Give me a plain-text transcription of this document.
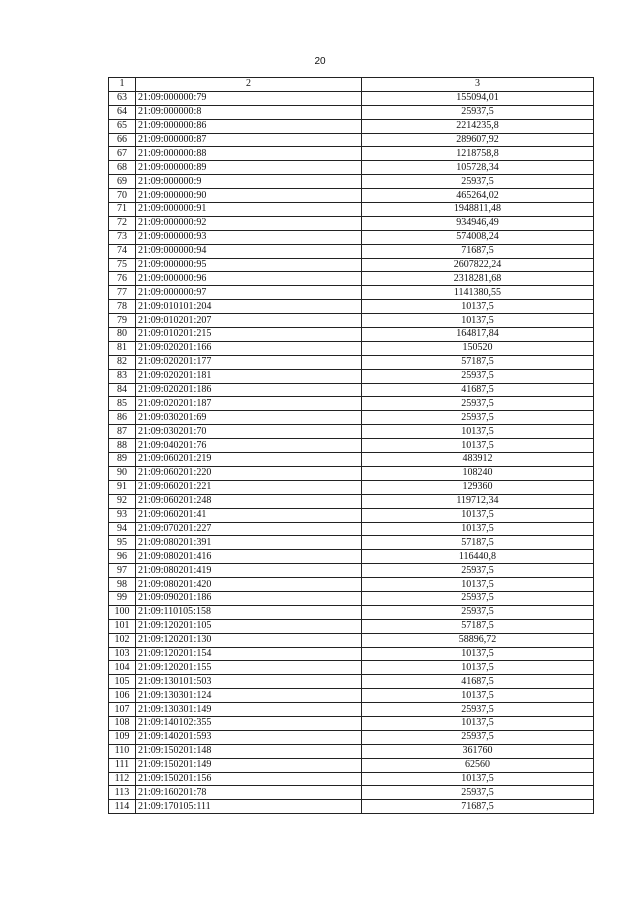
20
1	2	3
63	21:09:000000:79	155094,01
64	21:09:000000:8	25937,5
65	21:09:000000:86	2214235,8
66	21:09:000000:87	289607,92
67	21:09:000000:88	1218758,8
68	21:09:000000:89	105728,34
69	21:09:000000:9	25937,5
70	21:09:000000:90	465264,02
71	21:09:000000:91	1948811,48
72	21:09:000000:92	934946,49
73	21:09:000000:93	574008,24
74	21:09:000000:94	71687,5
75	21:09:000000:95	2607822,24
76	21:09:000000:96	2318281,68
77	21:09:000000:97	1141380,55
78	21:09:010101:204	10137,5
79	21:09:010201:207	10137,5
80	21:09:010201:215	164817,84
81	21:09:020201:166	150520
82	21:09:020201:177	57187,5
83	21:09:020201:181	25937,5
84	21:09:020201:186	41687,5
85	21:09:020201:187	25937,5
86	21:09:030201:69	25937,5
87	21:09:030201:70	10137,5
88	21:09:040201:76	10137,5
89	21:09:060201:219	483912
90	21:09:060201:220	108240
91	21:09:060201:221	129360
92	21:09:060201:248	119712,34
93	21:09:060201:41	10137,5
94	21:09:070201:227	10137,5
95	21:09:080201:391	57187,5
96	21:09:080201:416	116440,8
97	21:09:080201:419	25937,5
98	21:09:080201:420	10137,5
99	21:09:090201:186	25937,5
100	21:09:110105:158	25937,5
101	21:09:120201:105	57187,5
102	21:09:120201:130	58896,72
103	21:09:120201:154	10137,5
104	21:09:120201:155	10137,5
105	21:09:130101:503	41687,5
106	21:09:130301:124	10137,5
107	21:09:130301:149	25937,5
108	21:09:140102:355	10137,5
109	21:09:140201:593	25937,5
110	21:09:150201:148	361760
111	21:09:150201:149	62560
112	21:09:150201:156	10137,5
113	21:09:160201:78	25937,5
114	21:09:170105:111	71687,5
